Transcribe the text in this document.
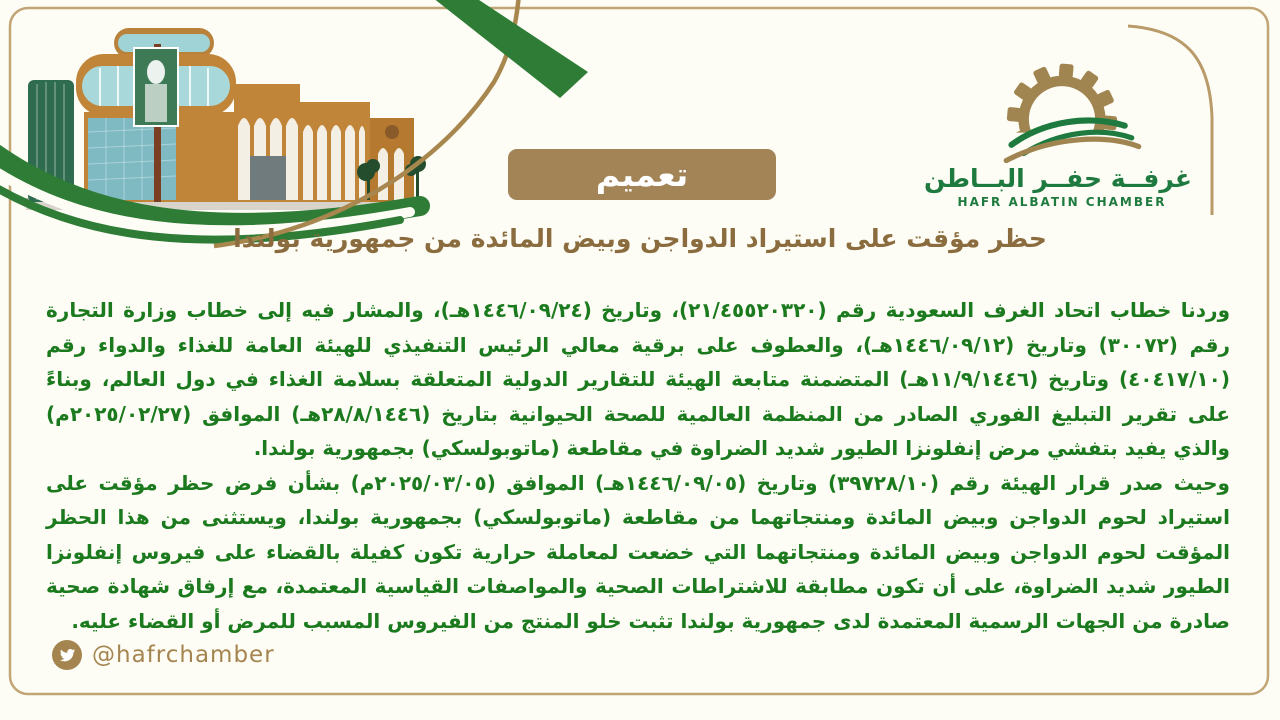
غرفــة حفــر البــاطن
HAFR ALBATIN CHAMBER
تعميم
حظر مؤقت على استيراد الدواجن وبيض المائدة من جمهورية بولندا

وردنا خطاب اتحاد الغرف السعودية رقم (٢١/٤٥٥٢٠٣٢٠)، وتاريخ (١٤٤٦/٠٩/٢٤هـ)، والمشار فيه إلى خطاب وزارة التجارة رقم (٣٠٠٧٢) وتاريخ (١٤٤٦/٠٩/١٢هـ)، والعطوف على برقية معالي الرئيس التنفيذي للهيئة العامة للغذاء والدواء رقم (٤٠٤١٧/١٠) وتاريخ (١١/٩/١٤٤٦هـ) المتضمنة متابعة الهيئة للتقارير الدولية المتعلقة بسلامة الغذاء في دول العالم، وبناءً على تقرير التبليغ الفوري الصادر من المنظمة العالمية للصحة الحيوانية بتاريخ (٢٨/٨/١٤٤٦هـ) الموافق (٢٠٢٥/٠٢/٢٧م) والذي يفيد بتفشي مرض إنفلونزا الطيور شديد الضراوة في مقاطعة (ماتوبولسكي) بجمهورية بولندا.

وحيث صدر قرار الهيئة رقم (٣٩٧٢٨/١٠) وتاريخ (١٤٤٦/٠٩/٠٥هـ) الموافق (٢٠٢٥/٠٣/٠٥م) بشأن فرض حظر مؤقت على استيراد لحوم الدواجن وبيض المائدة ومنتجاتهما من مقاطعة (ماتوبولسكي) بجمهورية بولندا، ويستثنى من هذا الحظر المؤقت لحوم الدواجن وبيض المائدة ومنتجاتهما التي خضعت لمعاملة حرارية تكون كفيلة بالقضاء على فيروس إنفلونزا الطيور شديد الضراوة، على أن تكون مطابقة للاشتراطات الصحية والمواصفات القياسية المعتمدة، مع إرفاق شهادة صحية صادرة من الجهات الرسمية المعتمدة لدى جمهورية بولندا تثبت خلو المنتج من الفيروس المسبب للمرض أو القضاء عليه.

@hafrchamber
